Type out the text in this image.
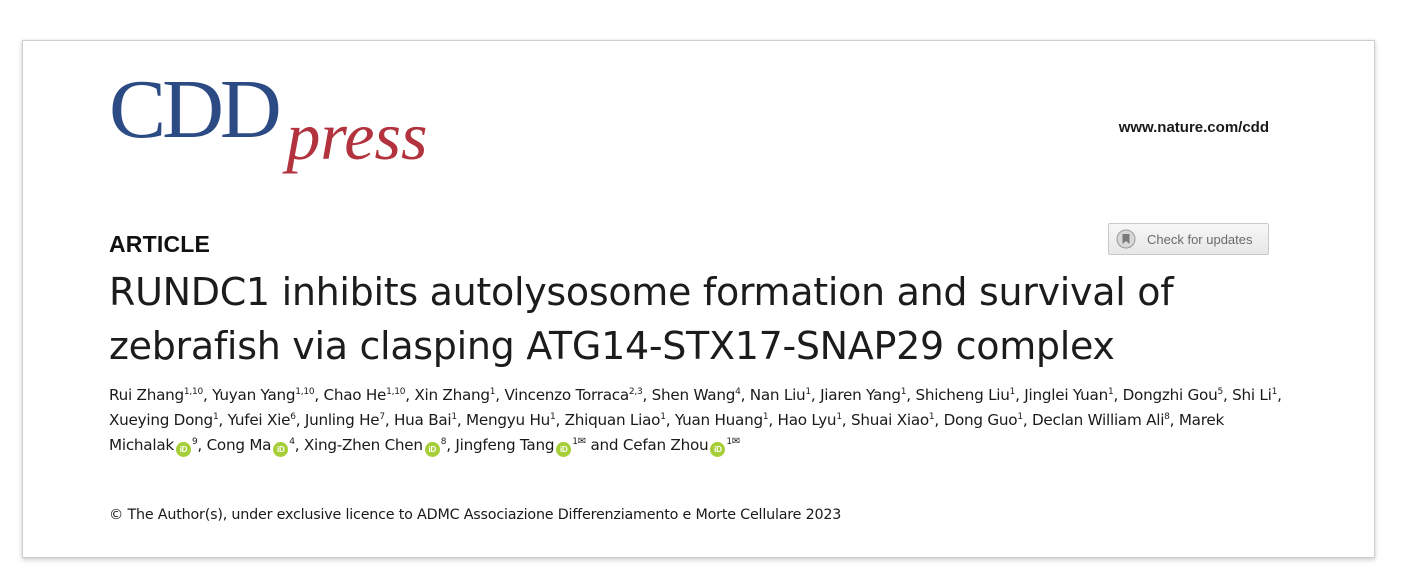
CDD press	www.nature.com/cdd
Check for updates
ARTICLE
RUNDC1 inhibits autolysosome formation and survival of zebrafish via clasping ATG14-STX17-SNAP29 complex
Rui Zhang$^{1,10}$, Yuyan Yang$^{1,10}$, Chao He$^{1,10}$, Xin Zhang$^1$, Vincenzo Torraca$^{2,3}$, Shen Wang$^4$, Nan Liu$^1$, Jiaren Yang$^1$, Shicheng Liu$^1$, Jinglei Yuan$^1$, Dongzhi Gou$^5$, Shi Li$^1$, Xueying Dong$^1$, Yufei Xie$^6$, Junling He$^7$, Hua Bai$^1$, Mengyu Hu$^1$, Zhiquan Liao$^1$, Yuan Huang$^1$, Hao Lyu$^1$, Shuai Xiao$^1$, Dong Guo$^1$, Declan William Ali$^8$, Marek Michalak $iD^9$, Cong Ma $iD^4$, Xing-Zhen Chen $iD^8$, Jingfeng Tang $iD^{1✉}$ and Cefan Zhou $iD^{1✉}$
© The Author(s), under exclusive licence to ADMC Associazione Differenziamento e Morte Cellulare 2023
